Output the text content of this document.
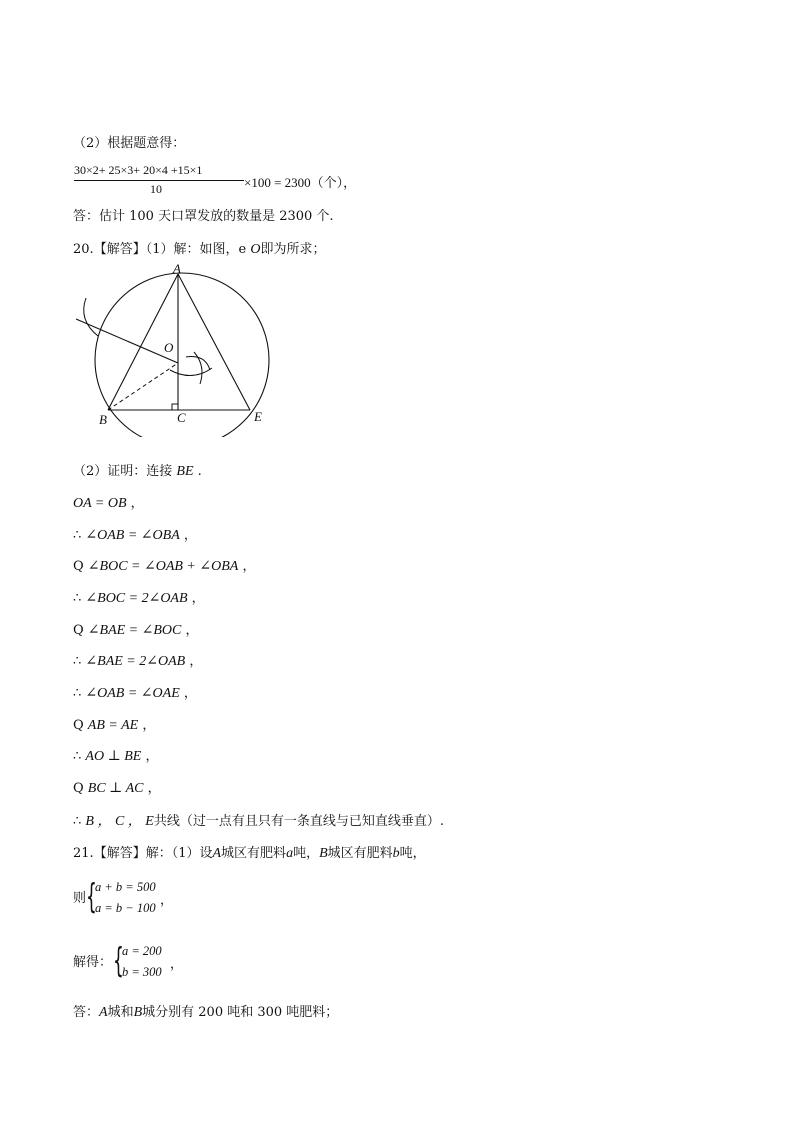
（2）根据题意得：
30×2+ 25×3+ 20×4 +15×1
10	×100 = 2300（个），
答：估计 100 天口罩发放的数量是 2300 个.
20.【解答】（1）解：如图，e O即为所求；
A
O
B	C	E
（2）证明：连接 BE .
OA = OB ，
∴ ∠OAB = ∠OBA ，
Q ∠BOC = ∠OAB + ∠OBA ，
∴ ∠BOC = 2∠OAB ，
Q ∠BAE = ∠BOC ，
∴ ∠BAE = 2∠OAB ，
∴ ∠OAB = ∠OAE ，
Q AB = AE ，
∴ AO ⊥ BE ，
Q BC ⊥ AC ，
∴ B ， C ， E共线（过一点有且只有一条直线与已知直线垂直）.
21.【解答】解：（1）设A城区有肥料a吨，B城区有肥料b吨，
则 {
a + b = 500
a = b − 100 ，
解得： {
a = 200
b = 300 ，
答：A城和B城分别有 200 吨和 300 吨肥料；
